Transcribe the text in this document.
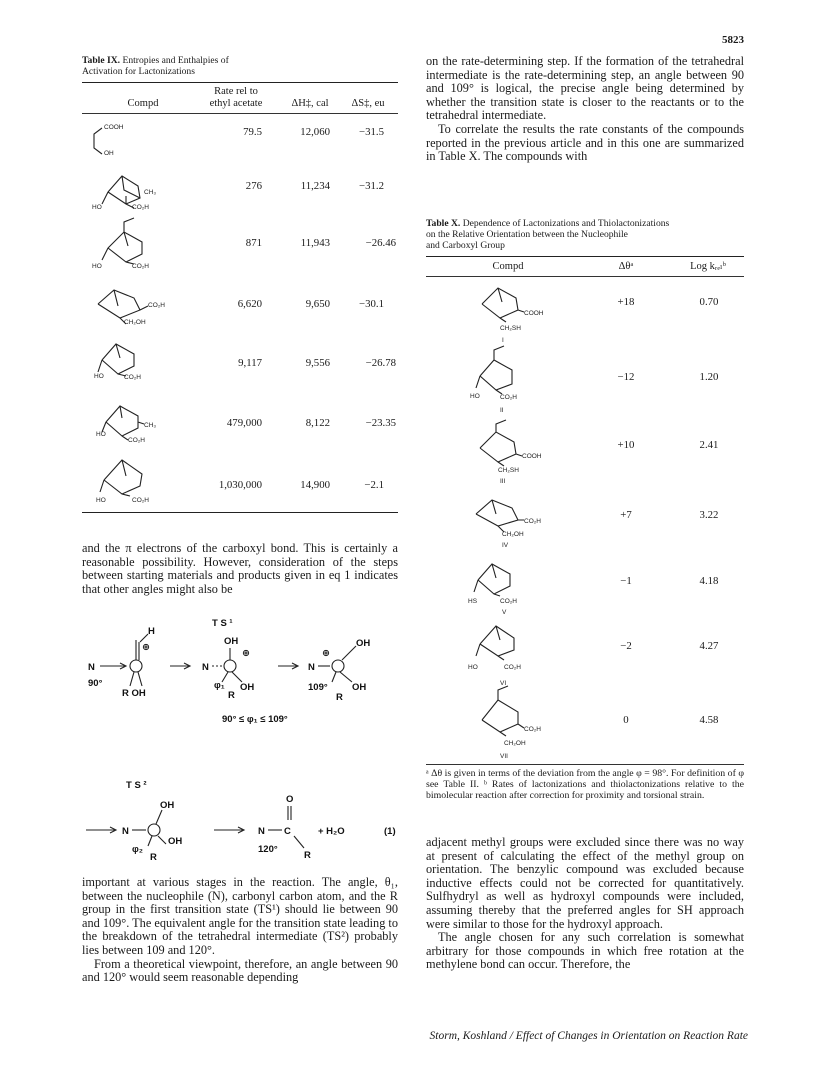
5823
Table IX. Entropies and Enthalpies of
Activation for Lactonizations
Compd
Rate rel to
ethyl acetate	ΔH‡, cal	ΔS‡, eu
79.5	12,060	−31.5
276	11,234	−31.2
871	11,943	−26.46
6,620	9,650	−30.1
9,117	9,556	−26.78
479,000	8,122	−23.35
1,030,000	14,900	−2.1
COOH
OH
CH₃
HO	CO₂H
HO	CO₂H
CO₂H
CH₂OH
HO	CO₂H
CH₃
HO
CO₂H
HO	CO₂H

and the π electrons of the carboxyl bond. This is certainly a reasonable possibility. However, consideration of the steps between starting materials and products given in eq 1 indicates that other angles might also be

T S ¹
N
H
⊕
90°
R OH
N
OH
⊕
φ₁ OH
R
N
OH
⊕
109°	OH
R
90° ≤ φ₁ ≤ 109°
T S ²
N
OH
φ₂
OH
R
N C
O
120°
R
+ H₂O	(1)

important at various stages in the reaction. The angle, θ₁, between the nucleophile (N), carbonyl carbon atom, and the R group in the first transition state (TS¹) should lie between 90 and 109°. The equivalent angle for the transition state leading to the breakdown of the tetrahedral intermediate (TS²) probably lies between 109 and 120°.

From a theoretical viewpoint, therefore, an angle between 90 and 120° would seem reasonable depending

on the rate-determining step. If the formation of the tetrahedral intermediate is the rate-determining step, an angle between 90 and 109° is logical, the precise angle being determined by whether the transition state is closer to the reactants or to the tetrahedral intermediate.

To correlate the results the rate constants of the compounds reported in the previous article and in this one are summarized in Table X. The compounds with

Table X. Dependence of Lactonizations and Thiolactonizations
on the Relative Orientation between the Nucleophile
and Carboxyl Group
Compd	Δθᵃ	Log kᵣₑₗᵇ
+18	0.70
−12	1.20
+10	2.41
+7	3.22
−1	4.18
−2	4.27
0	4.58
COOH
CH₂SH
I
HO	CO₂H
II
COOH
CH₂SH
III
CO₂H
CH₂OH
IV
HS	CO₂H
V
HO	CO₂H
VI
CO₂H
CH₂OH
VII
ᵃ Δθ is given in terms of the deviation from the angle φ = 98°. For definition of φ see Table II. ᵇ Rates of lactonizations and thiolactonizations relative to the bimolecular reaction after correction for proximity and torsional strain.

adjacent methyl groups were excluded since there was no way at present of calculating the effect of the methyl group on orientation. The benzylic compound was excluded because inductive effects could not be corrected for quantitatively. Sulfhydryl as well as hydroxyl compounds were included, assuming thereby that the preferred angles for SH approach were similar to those for the hydroxyl approach.

The angle chosen for any such correlation is somewhat arbitrary for those compounds in which free rotation at the methylene bond can occur. Therefore, the

Storm, Koshland / Effect of Changes in Orientation on Reaction Rate
